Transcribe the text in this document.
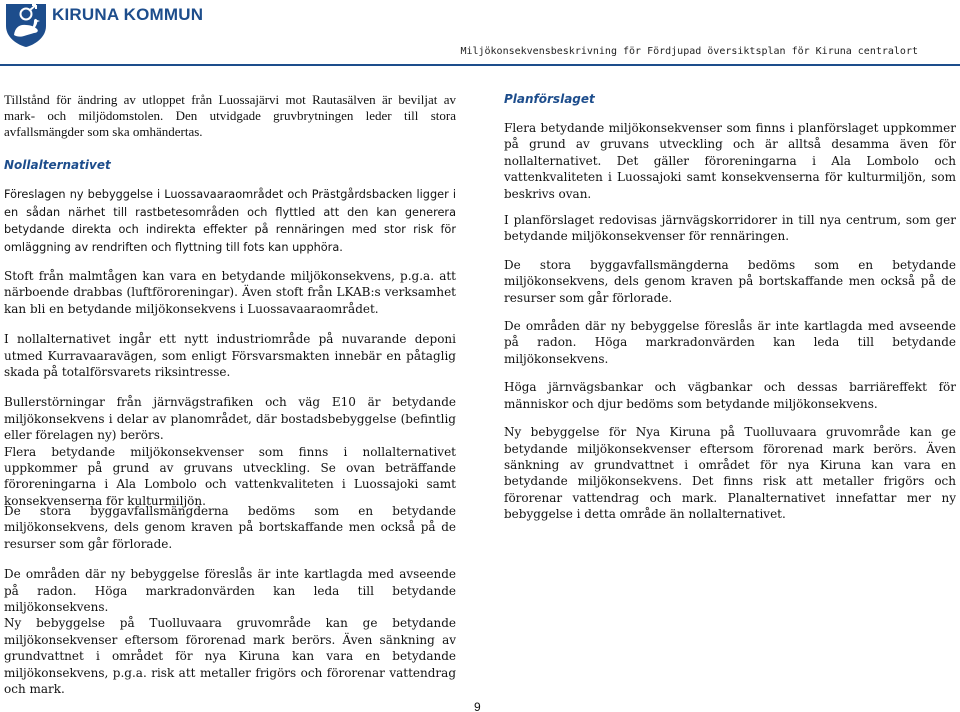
KIRUNA KOMMUN
Miljökonsekvensbeskrivning för Fördjupad översiktsplan för Kiruna centralort

Tillstånd för ändring av utloppet från Luossajärvi mot Rautasälven är beviljat av mark- och miljödomstolen. Den utvidgade gruvbrytningen leder till stora avfallsmängder som ska omhändertas.

Nollalternativet

Föreslagen ny bebyggelse i Luossavaaraområdet och Prästgårdsbacken ligger i en sådan närhet till rastbetesområden och flyttled att den kan generera betydande direkta och indirekta effekter på rennäringen med stor risk för omläggning av rendriften och flyttning till fots kan upphöra.

Stoft från malmtågen kan vara en betydande miljökonsekvens, p.g.a. att närboende drabbas (luftföroreningar). Även stoft från LKAB:s verksamhet kan bli en betydande miljökonsekvens i Luossavaaraområdet.

I nollalternativet ingår ett nytt industriområde på nuvarande deponi utmed Kurravaaravägen, som enligt Försvarsmakten innebär en påtaglig skada på totalförsvarets riksintresse.

Bullerstörningar från järnvägstrafiken och väg E10 är betydande miljökonsekvens i delar av planområdet, där bostadsbebyggelse (befintlig eller förelagen ny) berörs.

Flera betydande miljökonsekvenser som finns i nollalternativet uppkommer på grund av gruvans utveckling. Se ovan beträffande föroreningarna i Ala Lombolo och vattenkvaliteten i Luossajoki samt konsekvenserna för kulturmiljön.

De stora byggavfallsmängderna bedöms som en betydande miljökonsekvens, dels genom kraven på bortskaffande men också på de resurser som går förlorade.

De områden där ny bebyggelse föreslås är inte kartlagda med avseende på radon. Höga markradonvärden kan leda till betydande miljökonsekvens.

Ny bebyggelse på Tuolluvaara gruvområde kan ge betydande miljökonsekvenser eftersom förorenad mark berörs. Även sänkning av grundvattnet i området för nya Kiruna kan vara en betydande miljökonsekvens, p.g.a. risk att metaller frigörs och förorenar vattendrag och mark.

Planförslaget

Flera betydande miljökonsekvenser som finns i planförslaget uppkommer på grund av gruvans utveckling och är alltså desamma även för nollalternativet. Det gäller föroreningarna i Ala Lombolo och vattenkvaliteten i Luossajoki samt konsekvenserna för kulturmiljön, som beskrivs ovan.

I planförslaget redovisas järnvägskorridorer in till nya centrum, som ger betydande miljökonsekvenser för rennäringen.

De stora byggavfallsmängderna bedöms som en betydande miljökonsekvens, dels genom kraven på bortskaffande men också på de resurser som går förlorade.

De områden där ny bebyggelse föreslås är inte kartlagda med avseende på radon. Höga markradonvärden kan leda till betydande miljökonsekvens.

Höga järnvägsbankar och vägbankar och dessas barriäreffekt för människor och djur bedöms som betydande miljökonsekvens.

Ny bebyggelse för Nya Kiruna på Tuolluvaara gruvområde kan ge betydande miljökonsekvenser eftersom förorenad mark berörs. Även sänkning av grundvattnet i området för nya Kiruna kan vara en betydande miljökonsekvens. Det finns risk att metaller frigörs och förorenar vattendrag och mark. Planalternativet innefattar mer ny bebyggelse i detta område än nollalternativet.

9
